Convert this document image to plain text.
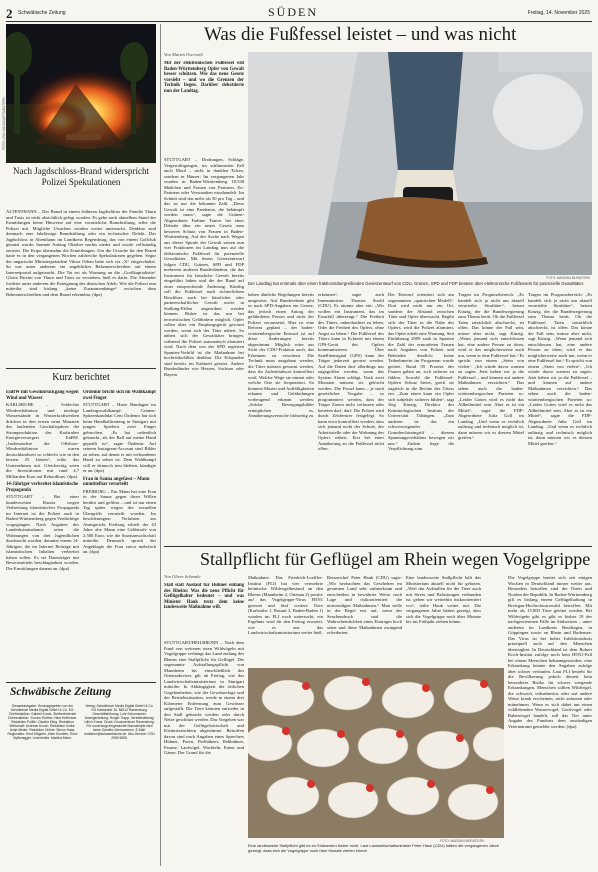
2 Schwäbische Zeitung	SÜDEN	Freitag, 14. November 2025
FOTO: LRA LINDAU/ARTS/ÄMTERN
Nach Jagdschloss-Brand widerspricht Polizei Spekulationen

ALTENTHANN – Der Brand in einem früheren Jagdschloss der Familie Thurn und Taxis ist nicht absichtlich gelegt worden. Es gebe nach aktuellem Stand der Ermittlungen keine Hinweise auf eine vorsätzliche Brandstiftung, teilte die Polizei mit. Mögliche Ursachen würden weiter untersucht. Denkbar sind demnach eine fahrlässige Brandstiftung oder ein technischer Defekt. Das Jagdschloss in Altenthann im Landkreis Regensburg, das von einem Golfclub genutzt wurde, brannte Anfang Oktober nachts nieder und wurde vollständig zerstört. Die Kripo übernahm die Ermittlungen. Um die Ursache für den Brand hatte es in den vergangenen Wochen zahlreiche Spekulationen gegeben. Segur der ungarische Ministerpräsident Viktor Orban hatte sich via „X“ eingeschaltet. So war unter anderem ein angebliches Bekennerschreiben auf einem Internetportal aufgetaucht. Die Tat sei als Warnung an die „Großkapitalistin“ Gloria Fürstin von Thurn und Taxis zu verstehen, hieß es darin. Die Absender forderte unter anderem die Enteignung des deutschen Adels. Wie die Polizei nun mitteilte, sind bislang „keine Zusammenhänge“ zwischen dem Bekennerschreiben und dem Brand erkennbar. (dpa)

Kurz berichtet

EnBW mit Gewinnrückgang wegen Wind und Wasser

KARLSRUHE – Schlechte Windverhältnisse und niedrige Wasserstände in Wasserkraftwerken drücken in den ersten neun Monaten des laufenden Geschäftsjahres die Stromproduktion des Karlsruher Energieversorgers EnBW. „Insbesondere die Offshore-Windverhältnisse waren deutschlandweit so schlecht wie in den letzten 25 Jahren“, teilte das Unternehmen mit. Gleichzeitig seien die Investitionen mit rund 4,7 Milliarden Euro auf Rekordkurs. (dpa)

14-Jähriger verbreitet islamistische Propaganda

STUTTGART – Bei einer bundesweiten Razzia wegen Verbreitung islamistischer Propaganda im Internet ist die Polizei auch in Baden-Württemberg gegen Verdächtige vorgegangen. Nach Angaben des Landeskriminalamts seien die Wohnungen von drei Jugendlichen durchsucht worden, darunter einem 14-Jährigen, die im Internet Beiträge mit islamistischen Inhalten verbreitet haben sollen. Es sei Datenträger mit Beweismitteln beschlagnahmt worden. Die Ermittlungen dauern an. (dpa)

Ördemir bricht sich im Wahlkampf zwei Finger

STUTTGART – Harte Bandagen im Landtagswahlkampf: Grünen-Spitzenkandidat Cem Özdemir hat sich beim Handballtraining in Stuttgart mit jungen Spielern zwei Finger gebrochen. „Es hat ordentlich geknackt, als der Ball auf meine Hand geprallt ist“, sagte Özdemir. Auf seinem Instagram-Account sind Bilder zu sehen, auf denen er mit verbundener Hand zu sehen ist. Dem Wahlkampf will er dennoch treu bleiben, kündigte er an. (dpa)

Frau in Sauna angefasst – Mann unmittelbar verurteilt

FREIBURG – Ein Mann hat eine Frau in der Sauna gegen ihren Willen berührt und gefilmt – und ist nur einen Tag später wegen des sexuellen Übergriffs verurteilt worden. Im beschleunigten Verfahren am Amtsgericht Freiburg erhielt der 43 Jahre alte Mann eine Geldstrafe von 2.500 Euro, wie die Staatsanwaltschaft mitteilte. Demnach sprach der Angeklagte die Frau zuvor mehrfach an. (dpa)

Schwäbische Zeitung
Gesamtausgabe: Herausgegeben von der Schwäbisch Media Digital GmbH & Co. KG. Chefredaktion: Gabriel Kords. Stellvertretende Chefredaktion: Yvonne Roither, Nina Hoffmann. Redaktion Politik: Claudia Kling. Redaktion Wirtschaft: Andreas Knoch. Redaktion Kultur: Antje Merke. Redaktion Online: Simon Haas. Regionales: Gerd Mägerle, Anke Kumbier, Erich Nyffenegger. Leserbriefe: Martina Meier.
Verlag: Schwäbisch Media Digital GmbH & Co. KG Karlstraße 16, 88212 Ravensburg. Geschäftsführung: Lutz Schumacher. Anzeigenleitung: Holger Trapp. Vertriebsleitung: Ulrich Kraus. Druck: Druckzentrum Ravensburg. Für unverlangt eingesandte Manuskripte wird keine Gewähr übernommen. E-Mail: redaktion@schwaebische.de. Abo-Service: 0751 2955 5555.
Was die Fußfessel leistet – und was nicht
Von Martin Oversohl

Mit der elektronischen Fußfessel will Baden-Württemberg Opfer von Gewalt besser schützen. Wie das neue Gesetz vorsieht – und wo die Grenzen der Technik liegen. Darüber debattierte nun der Landtag.

STUTTGART – Drohungen, Schläge, Vergewaltigungen, im schlimmsten Fall auch Mord – nicht in dunklen Ecken, sondern in Häuser: Im vergangenen Jahr wurden in Baden-Württemberg 18.538 Mädchen und Frauen von Partnern, Ex-Partnern oder Verwandten misshandelt. Im Schnitt sind das mehr als 50 pro Tag – und das ist nur die bekannte Zahl. „Diese Gewalt ist eine Pandemie, die bekämpft werden muss“, sagte die Grünen-Abgeordnete Fadime Tuncer bei einer Debatte über ein neues Gesetz zum besseren Schutz von Frauen in Baden-Württemberg. Auf der Suche nach Wegen aus dieser Spirale der Gewalt setzen nun vier Fraktionen im Landtag nun auf die elektronische Fußfessel für potenzielle Gewalttäter. Mit ihrem Gesetzentwurf folgen CDU, Grünen, SPD und FDP mehreren anderen Bundesländern, die das Instrument für häusliche Gewalt bereits eingeführt haben und die der Bund auf einer entsprechende Änderung. Künftig soll die Fußfessel nach richterlichem Beschluss auch bei häuslicher oder partnerschaftlicher Gewalt sowie in Stalking-Fällen angeordnet werden können. Bisher ist das nur bei terroristischen Gefährdern möglich. Opfer sollen über ein Empfangsgerät gewarnt werden, wenn sich der Täter nähert. So nähert sich der Gewalttäter bringen, während die Polizei automatisch alarmiert wird. Nach dem von der SPD regierten Spanien-Vorbild ist die Maßnahme bei hochrisikofällen denkbar. Die Eckpunkte sind bereits im Kabinett gesetzt. Andere Bundesländer wie Hessen, Sachsen oder Bayern

FOTO: MARIJAN MURAT/DPA
Der Landtag hat erstmals über einen fraktionsübergreifenden Gesetzentwurf von CDU, Grünen, SPD und FDP beraten über elektronische Fußfesseln für potenzielle Gewalttäter.

haben ähnliche Regelungen bereits umgesetzt. Auf Bundesebene gibt es nach SPD-Angaben ein Gesetz, das jedoch einen Antrag der gefährdeten Person und nicht der Polizei voraussetzt. Hier ist eine Reform geplant – der baden-württembergische Entwurf ist auf diese Änderungen bereits abgestimmt. Möglich wäre aus Sicht der CDU-Fraktion auch, das Erkennen zu erweitern. Die Technik muss ausgebaut werden, die Täter müssen gewarnt werden, dass ihr Aufenthaltsort kontrolliert wird. Welche Wege sie nimmt oder welche Orte sie frequentiert. So könnten Muster und Auffälligkeiten erkannt und Gefährdungen vorbeugend erkannt werden. „Solche Bewegungsbilder ermöglichen es, Annäherungsversuche frühzeitig zu

erkennen“, sagte auch Innenminister Thomas Strobl (CDU). Er räumte aber ein: „Wir wollen ein Instrument, das im Ernstfall überzeugt.“ Die Freiheit des Täters, unbeobachtet zu leben, Oder die Freiheit des Opfers, ohne Angst zu leben.“ Die Fußfessel des Täters kann in Echtzeit mit einem GPS-Gerät des Opfers kommunizieren. Über Satellitensignal (GPS) kann der Träger jederzeit geortet werden. Auf die Daten darf allerdings nur zugegriffen werden, wenn das System Alarm schlägt. Nach zwei Monaten müssen sie gelöscht werden. Die Fessel kann – je nach gesetzlicher Vorgabe – so programmiert werden, dass der Träger Zonen nicht verlassen oder betreten darf, darf. Die Polizei wird durch Zeitfenster festgelegt. So kann etwa kontrolliert werden, dass sich jemand nicht der Schule, der Arbeitsstelle oder der Wohnung des Opfers nähert. Erst bei einer Annäherung an die Fußfessel nicht offen.

Der Entwurf orientiert sich am sogenannten „spanischen Modell“. Dort wird nicht nur ein Ort, sondern der Abstand zwischen Täter und Opfer überwacht. Begibt sich der Täter in die Nähe des Opfers, wird die Polizei alarmiert, das Opfer erhält eine Warnung. Seit Einführung 2009 sank in Spanien die Zahl der ermordeten Frauen nach Angaben von Polizei und Behörden deutlich; keine Teilnehmerin im Programm wurde getötet. Rund 95 Prozent der Frauen gaben an, sich sicherer zu fühlen. Sowohl die Fußfessel-Opfern Schutz bietet, greift sie zugleich in die Rechte des Täters ein. „Zum einen kann ein Opfer sich subjektiv sicherer fühlen“, sagt Jörg Kinzig, Direktor des Kriminologischen Instituts der Universität Tübingen. „Zum anderen ist das ein schwerwiegender Grundrechtseingriff – diesem Spannungsverhältnis bewegen wir uns.“ Zudem liege die Verpflichtung zum

Tragen im Prognosebereich: „Es handelt sich ja nicht um aktuell verurteilte Straftäter“, betont Kinzig, der die Bundesregierung zum Thema berät. Ob die Fußfessel Taten tatsächlich abschreckt, ist offen. Das könne der Fall sein, müsse aber nicht, sagt Kinzig. „Wenn jemand sich entschlossen hat, eine andere Person zu töten, wird er das möglicherweise auch tun, wenn er eine Fußfessel hat.“ Er spricht von einem „Stein von vielen“. „Ich würde davor warnen zu sagen: Jetzt haben wir ja die Fußfessel – und können auf andere Maßnahmen verzichten.“ Das sehen auch die baden-württembergischen Parteien so: „Leider Gottes wird es nicht das Allheilmittel sein. Aber es ist ein Mittel“, sagte die FDP-Abgeordnete Julia Goll im Landtag. „Und wenn es rechtlich zulässig und technisch möglich ist, dann müssen wir es diesem Mittel greifen.“

Tragen im Prognosebereich: „Es handelt sich ja nicht um aktuell verurteilte Straftäter“, betont Kinzig, der die Bundesregierung zum Thema berät. Ob die Fußfessel Taten tatsächlich abschreckt, ist offen. Das könne der Fall sein, müsse aber nicht, sagt Kinzig. „Wenn jemand sich entschlossen hat, eine andere Person zu töten, wird er das möglicherweise auch tun, wenn er eine Fußfessel hat.“ Er spricht von einem „Stein von vielen“. „Ich würde davor warnen zu sagen: Jetzt haben wir ja die Fußfessel – und können auf andere Maßnahmen verzichten.“ Das sehen auch die baden-württembergischen Parteien so: „Leider Gottes wird es nicht das Allheilmittel sein. Aber es ist ein Mittel“, sagte die FDP-Abgeordnete Julia Goll im Landtag. „Und wenn es rechtlich zulässig und technisch möglich ist, dann müssen wir es diesem Mittel greifen.“

Stallpflicht für Geflügel am Rhein wegen Vogelgrippe
Von Oliver Schmale

Stall statt Auslauf für Hühner entlang des Rheins: Was die neue Pflicht für Geflügelhalter bedeutet – und was Minister Hauk trotz dem keine landesweite Maßnahme will.

STUTTGART/HEILBRONN – Nach dem Fund von weiteren toten Wildvögeln mit Vogelgrippe verhängt das Land entlang des Rheins eine Stallpflicht für Geflügel. Die sogenannte Aufstallungspflicht von Mannheim bis einschließlich des Ortenaukreises gilt ab Freitag, wie das Landwirtschaftsministerium in Stuttgart mitteilte. In Abhängigkeit der örtlichen Gegebenheiten, wie der Gewässerlage und der Betriebssituation, werde in einem drei Kilometer Entfernung zum Gewässer aufgestallt. Die Tiere könnten entweder in den Stall gebracht werden oder durch Netze geschützt werden. Das Vorgehen war mit der Geflügelwirtschaft und Kleintierzüchtern abgestimmt. Betroffen davon sind nach Angaben eines Sprechers Hühner, Puten, Perlhühner, Rebhühner, Fasane, Laufvögel, Wachteln, Enten und Gänse. Der Grund für die

Maßnahme: Das Friedrich-Loeffler-Institut (FLI) hat vier vermehrte heimische Wildvogelbestand an den Rheins (Mannheim 2, Ortenau 2) positiv auf das Vogelgrippe-Virus H5N1 getestet und fünf weitere Tiere (Karlsruhe 1, Rastatt 3, Baden-Baden 1) wurden im FLI noch untersucht, ein Ergebnis wird für den Freitag erwartet, wie es aus das Landwirtschaftsministerium weiter hieß.

Ressortchef Peter Hauk (CDU) sagte: „Wir beobachten das Geschehen im gesamten Land sehr aufmerksam und entscheiden in bewährter Weise nach Lage und risikoorientiert die notwendigen Maßnahmen.“ Man stelle in der Regel erst auf, wenn der Seuchendruck und die Wahrscheinlichkeit eines Eintrages hoch seien und diese Maßnahmen zwingend erforderten.

Eine landesweite Stallpflicht hält das Ministerium aktuell nicht für geboten. „Weil das Aufstallen für die Tiere auch mit Stress und Belastungen verbunden ist, gehen wir weiterhin risikoorientiert vor“, teilte Hauk weiter mit. Die vergangenen Jahre hätten gezeigt, dass sich die Vogelgrippe noch über Monate bis ins Frühjahr ziehen könne.

Die Vogelgrippe breitet sich seit einigen Wochen in Deutschland immer weiter aus. Besonders betroffen sind der Osten und Norden der Republik. In Baden-Württemberg gilt es bislang einem Geflügelhaltung in Breisgau-Hochschwarzwald betroffen. Mit mehr als 15.000 Tiere getötet werden. Bei Wildvögeln gibt es gibt es bisher 19 der nachgewiesenen Fälle im Südwesten – unter anderem im Landkreis Reutlingen, in Göppingen sowie an Rhein und Bodensee. Das Virus ist bei hoher Infektionsdosis prinzipiell auch auf den Menschen übertragbar. In Deutschland ist dem Robert Koch-Institut zufolge noch kein H5N1-Fall bei einem Menschen bekanntgeworden, eine Erkrankung könnte den Angaben zufolge aber schwer verlaufen. Laut FLI besteht für die Bevölkerung jedoch derzeit kein besonderes Risiko für schwer wiegende Erkrankungen. Menschen sollten Wildvögel, die schwach, teilnahmslos oder auf andere Weise krank erscheinen, nicht anfassen oder mitnehmen. Wenn es sich dabei um einen wildlebenden Wasservogel, Greifvogel oder Rabenvogel handelt, soll das Tier unter Angabe des Fundorts dem zuständigen Veterinäramt gemeldet werden. (dpa)

FOTO: MARIJAN MURAT/DPA
Eine landesweite Stallpflicht gibt es im Südwesten bisher nicht. Laut Landwirtschaftsminister Peter Hauk (CDU) hätten die vergangenen Jahre gezeigt, dass sich die Vogelgrippe noch über Monate ziehen könne.
